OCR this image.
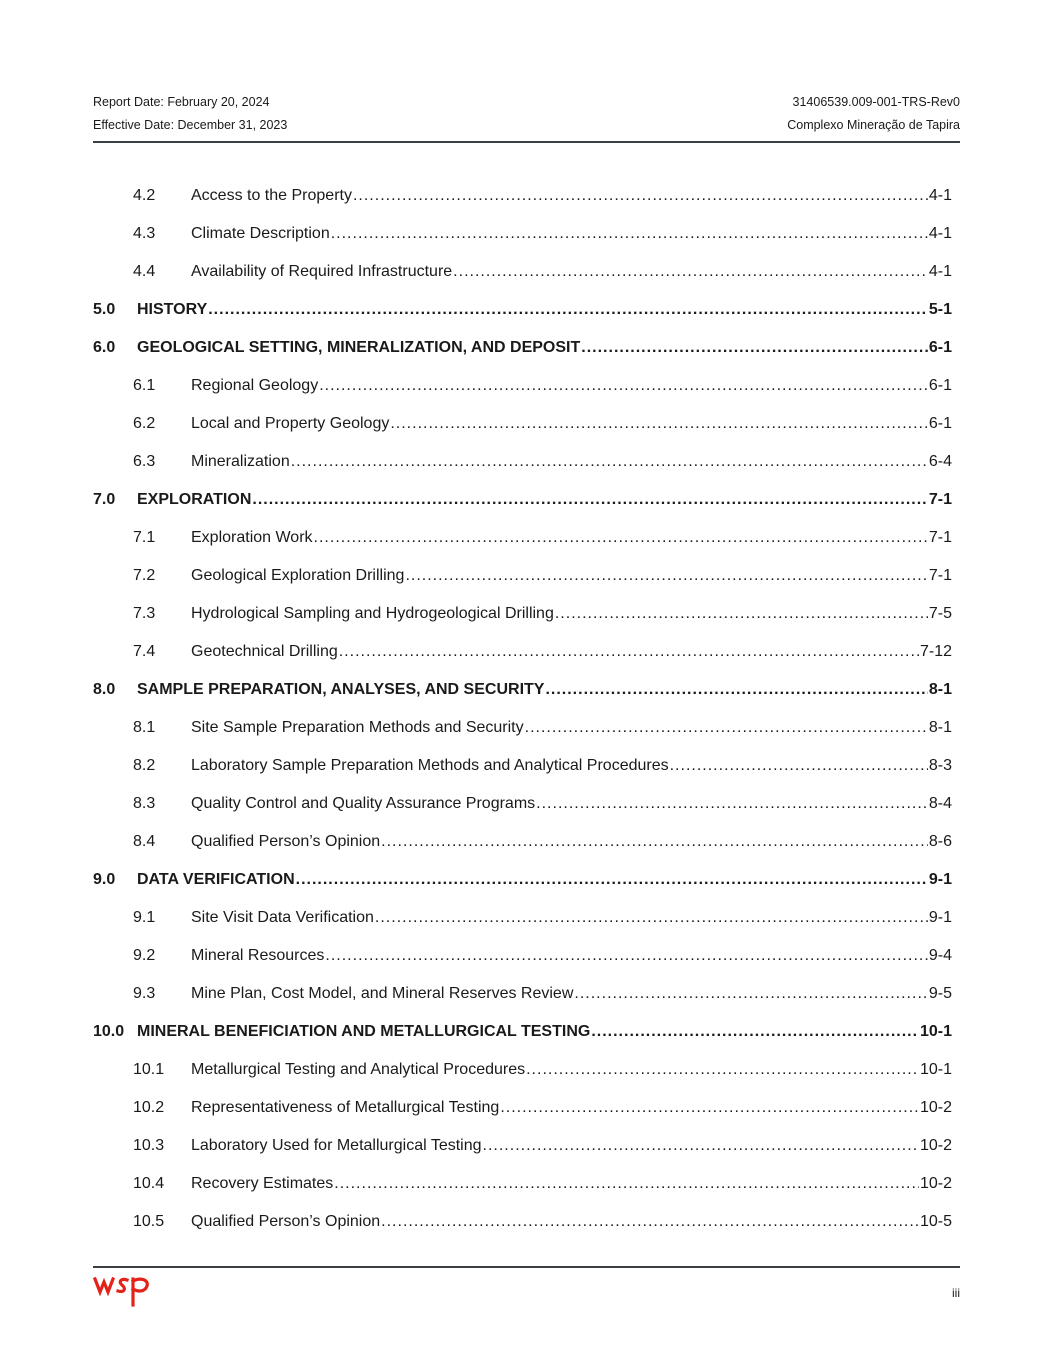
Report Date: February 20, 2024	31406539.009-001-TRS-Rev0
Effective Date: December 31, 2023	Complexo Mineração de Tapira
4.2	Access to the Property .....	4-1
4.3	Climate Description .....	4-1
4.4	Availability of Required Infrastructure .....	4-1
5.0	HISTORY .....	5-1
6.0	GEOLOGICAL SETTING, MINERALIZATION, AND DEPOSIT .....	6-1
6.1	Regional Geology .....	6-1
6.2	Local and Property Geology .....	6-1
6.3	Mineralization .....	6-4
7.0	EXPLORATION .....	7-1
7.1	Exploration Work .....	7-1
7.2	Geological Exploration Drilling .....	7-1
7.3	Hydrological Sampling and Hydrogeological Drilling .....	7-5
7.4	Geotechnical Drilling .....	7-12
8.0	SAMPLE PREPARATION, ANALYSES, AND SECURITY .....	8-1
8.1	Site Sample Preparation Methods and Security .....	8-1
8.2	Laboratory Sample Preparation Methods and Analytical Procedures .....	8-3
8.3	Quality Control and Quality Assurance Programs .....	8-4
8.4	Qualified Person’s Opinion .....	8-6
9.0	DATA VERIFICATION .....	9-1
9.1	Site Visit Data Verification .....	9-1
9.2	Mineral Resources .....	9-4
9.3	Mine Plan, Cost Model, and Mineral Reserves Review .....	9-5
10.0 MINERAL BENEFICIATION AND METALLURGICAL TESTING .....	10-1
10.1	Metallurgical Testing and Analytical Procedures .....	10-1
10.2	Representativeness of Metallurgical Testing .....	10-2
10.3	Laboratory Used for Metallurgical Testing .....	10-2
10.4	Recovery Estimates .....	10-2
10.5	Qualified Person’s Opinion .....	10-5
iii
